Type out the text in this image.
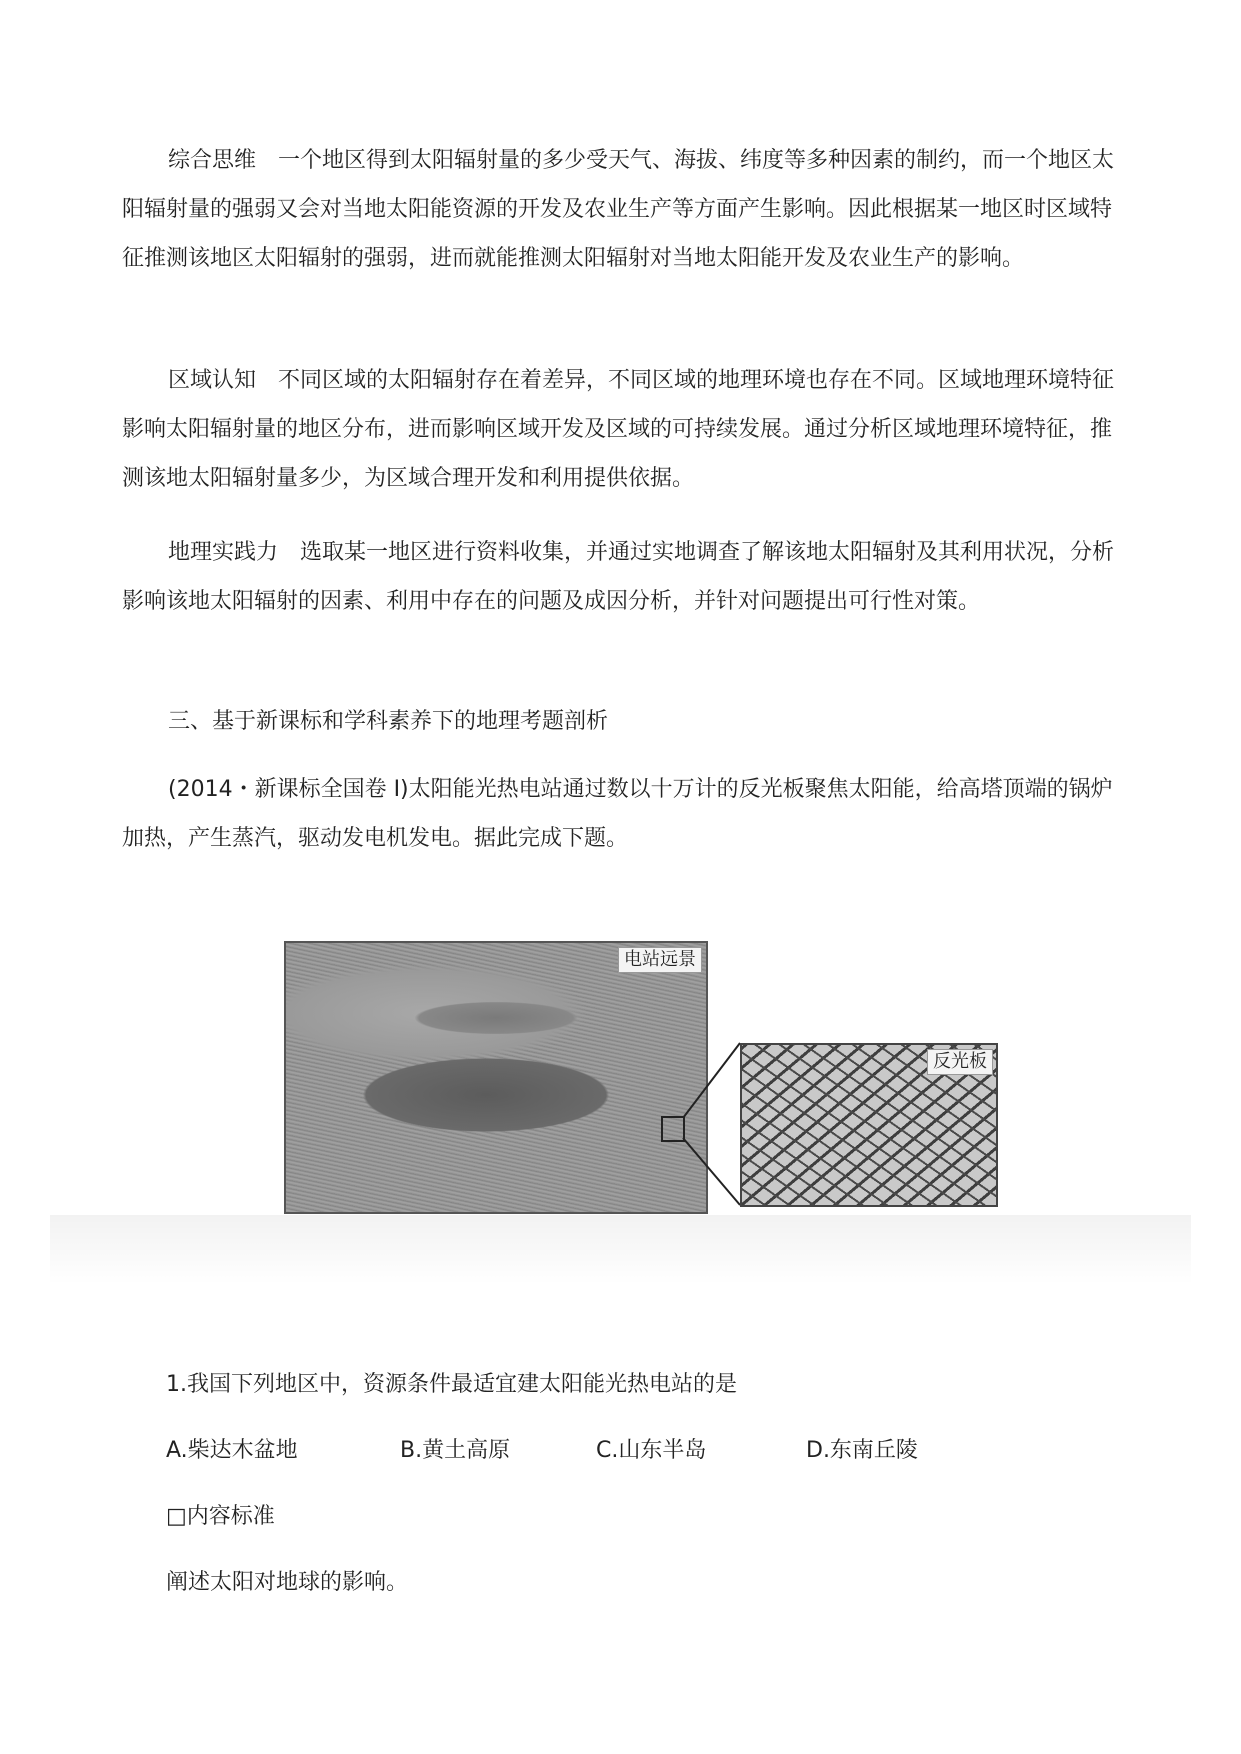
综合思维　一个地区得到太阳辐射量的多少受天气、海拔、纬度等多种因素的制约，而一个地区太阳辐射量的强弱又会对当地太阳能资源的开发及农业生产等方面产生影响。因此根据某一地区时区域特征推测该地区太阳辐射的强弱，进而就能推测太阳辐射对当地太阳能开发及农业生产的影响。

区域认知　不同区域的太阳辐射存在着差异，不同区域的地理环境也存在不同。区域地理环境特征影响太阳辐射量的地区分布，进而影响区域开发及区域的可持续发展。通过分析区域地理环境特征，推测该地太阳辐射量多少，为区域合理开发和利用提供依据。

地理实践力　选取某一地区进行资料收集，并通过实地调查了解该地太阳辐射及其利用状况，分析影响该地太阳辐射的因素、利用中存在的问题及成因分析，并针对问题提出可行性对策。

三、基于新课标和学科素养下的地理考题剖析

(2014・新课标全国卷 I)太阳能光热电站通过数以十万计的反光板聚焦太阳能，给高塔顶端的锅炉加热，产生蒸汽，驱动发电机发电。据此完成下题。

电站远景
反光板
1.我国下列地区中，资源条件最适宜建太阳能光热电站的是
A.柴达木盆地	B.黄土高原	C.山东半岛	D.东南丘陵
□内容标准
阐述太阳对地球的影响。
